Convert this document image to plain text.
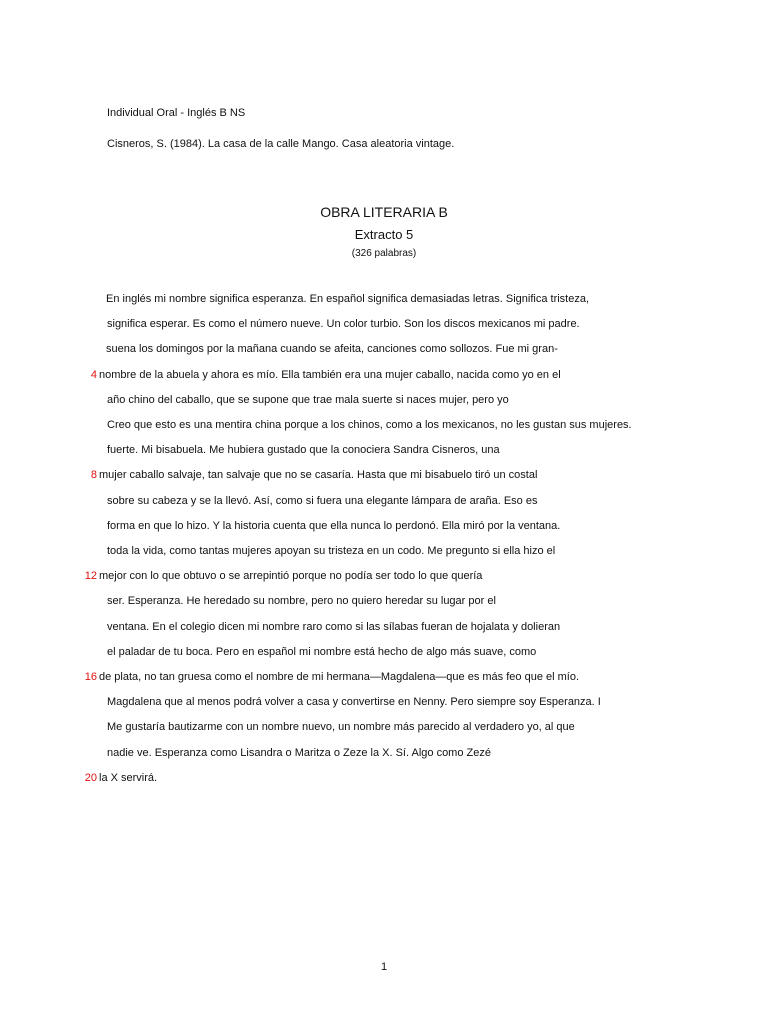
Individual Oral - Inglés B NS
Cisneros, S. (1984). La casa de la calle Mango. Casa aleatoria vintage.
OBRA LITERARIA B
Extracto 5
(326 palabras)
En inglés mi nombre significa esperanza. En español significa demasiadas letras. Significa tristeza,
significa esperar. Es como el número nueve. Un color turbio. Son los discos mexicanos mi padre.
suena los domingos por la mañana cuando se afeita, canciones como sollozos. Fue mi gran-
4 nombre de la abuela y ahora es mío. Ella también era una mujer caballo, nacida como yo en el
año chino del caballo, que se supone que trae mala suerte si naces mujer, pero yo
Creo que esto es una mentira china porque a los chinos, como a los mexicanos, no les gustan sus mujeres.
fuerte. Mi bisabuela. Me hubiera gustado que la conociera Sandra Cisneros, una
8 mujer caballo salvaje, tan salvaje que no se casaría. Hasta que mi bisabuelo tiró un costal
sobre su cabeza y se la llevó. Así, como si fuera una elegante lámpara de araña. Eso es
forma en que lo hizo. Y la historia cuenta que ella nunca lo perdonó. Ella miró por la ventana.
toda la vida, como tantas mujeres apoyan su tristeza en un codo. Me pregunto si ella hizo el
12 mejor con lo que obtuvo o se arrepintió porque no podía ser todo lo que quería
ser. Esperanza. He heredado su nombre, pero no quiero heredar su lugar por el
ventana. En el colegio dicen mi nombre raro como si las sílabas fueran de hojalata y dolieran
el paladar de tu boca. Pero en español mi nombre está hecho de algo más suave, como
16 de plata, no tan gruesa como el nombre de mi hermana—Magdalena—que es más feo que el mío.
Magdalena que al menos podrá volver a casa y convertirse en Nenny. Pero siempre soy Esperanza. I
Me gustaría bautizarme con un nombre nuevo, un nombre más parecido al verdadero yo, al que
nadie ve. Esperanza como Lisandra o Maritza o Zeze la X. Sí. Algo como Zezé
20 la X servirá.
1
